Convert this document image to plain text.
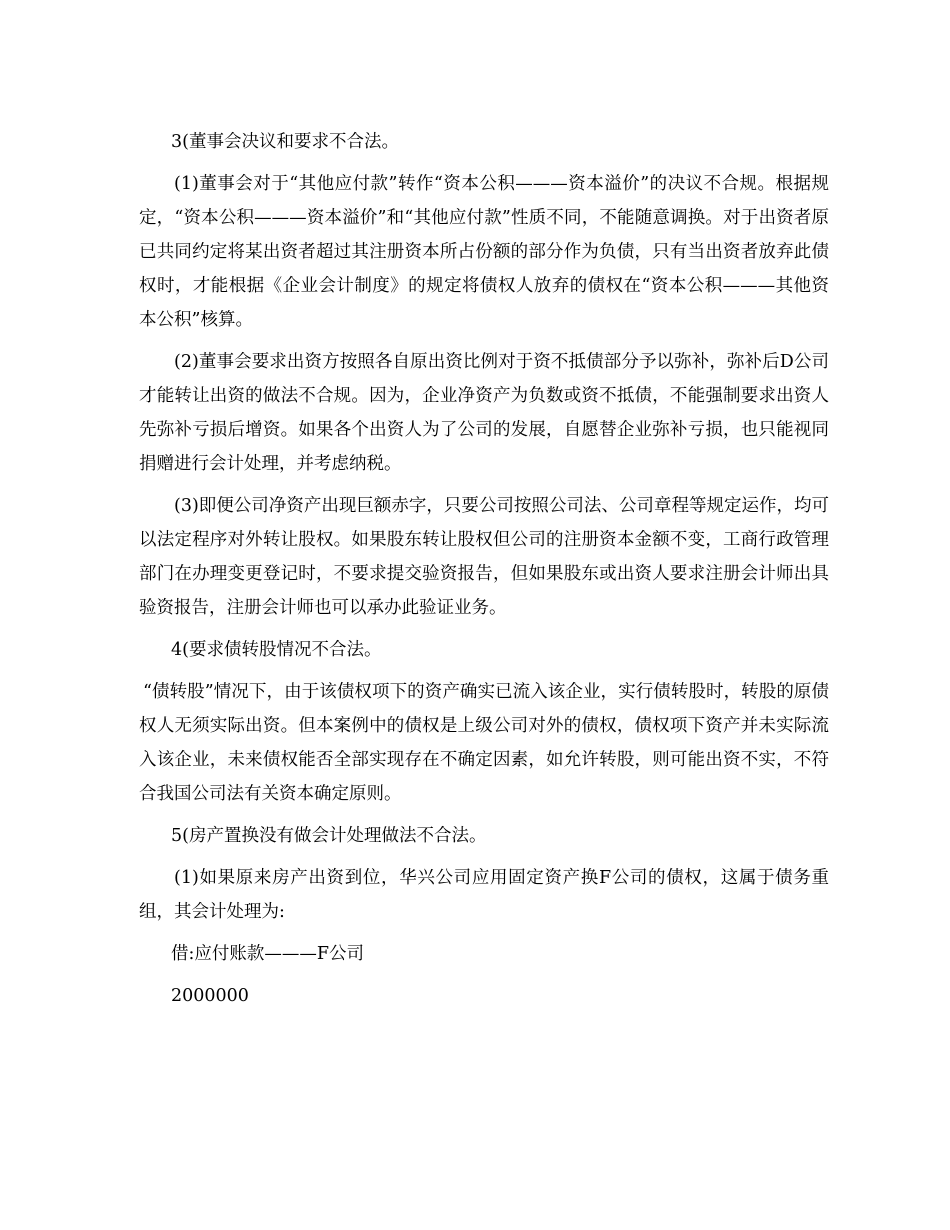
3(董事会决议和要求不合法。

(1)董事会对于“其他应付款”转作“资本公积———资本溢价”的决议不合规。根据规定，“资本公积———资本溢价”和“其他应付款”性质不同，不能随意调换。对于出资者原已共同约定将某出资者超过其注册资本所占份额的部分作为负债，只有当出资者放弃此债权时，才能根据《企业会计制度》的规定将债权人放弃的债权在“资本公积———其他资本公积”核算。

(2)董事会要求出资方按照各自原出资比例对于资不抵债部分予以弥补，弥补后D公司才能转让出资的做法不合规。因为，企业净资产为负数或资不抵债，不能强制要求出资人先弥补亏损后增资。如果各个出资人为了公司的发展，自愿替企业弥补亏损，也只能视同捐赠进行会计处理，并考虑纳税。

(3)即便公司净资产出现巨额赤字，只要公司按照公司法、公司章程等规定运作，均可以法定程序对外转让股权。如果股东转让股权但公司的注册资本金额不变，工商行政管理部门在办理变更登记时，不要求提交验资报告，但如果股东或出资人要求注册会计师出具验资报告，注册会计师也可以承办此验证业务。

4(要求债转股情况不合法。

“债转股”情况下，由于该债权项下的资产确实已流入该企业，实行债转股时，转股的原债权人无须实际出资。但本案例中的债权是上级公司对外的债权，债权项下资产并未实际流入该企业，未来债权能否全部实现存在不确定因素，如允许转股，则可能出资不实，不符合我国公司法有关资本确定原则。

5(房产置换没有做会计处理做法不合法。

(1)如果原来房产出资到位，华兴公司应用固定资产换F公司的债权，这属于债务重组，其会计处理为:

借:应付账款———F公司

2000000
